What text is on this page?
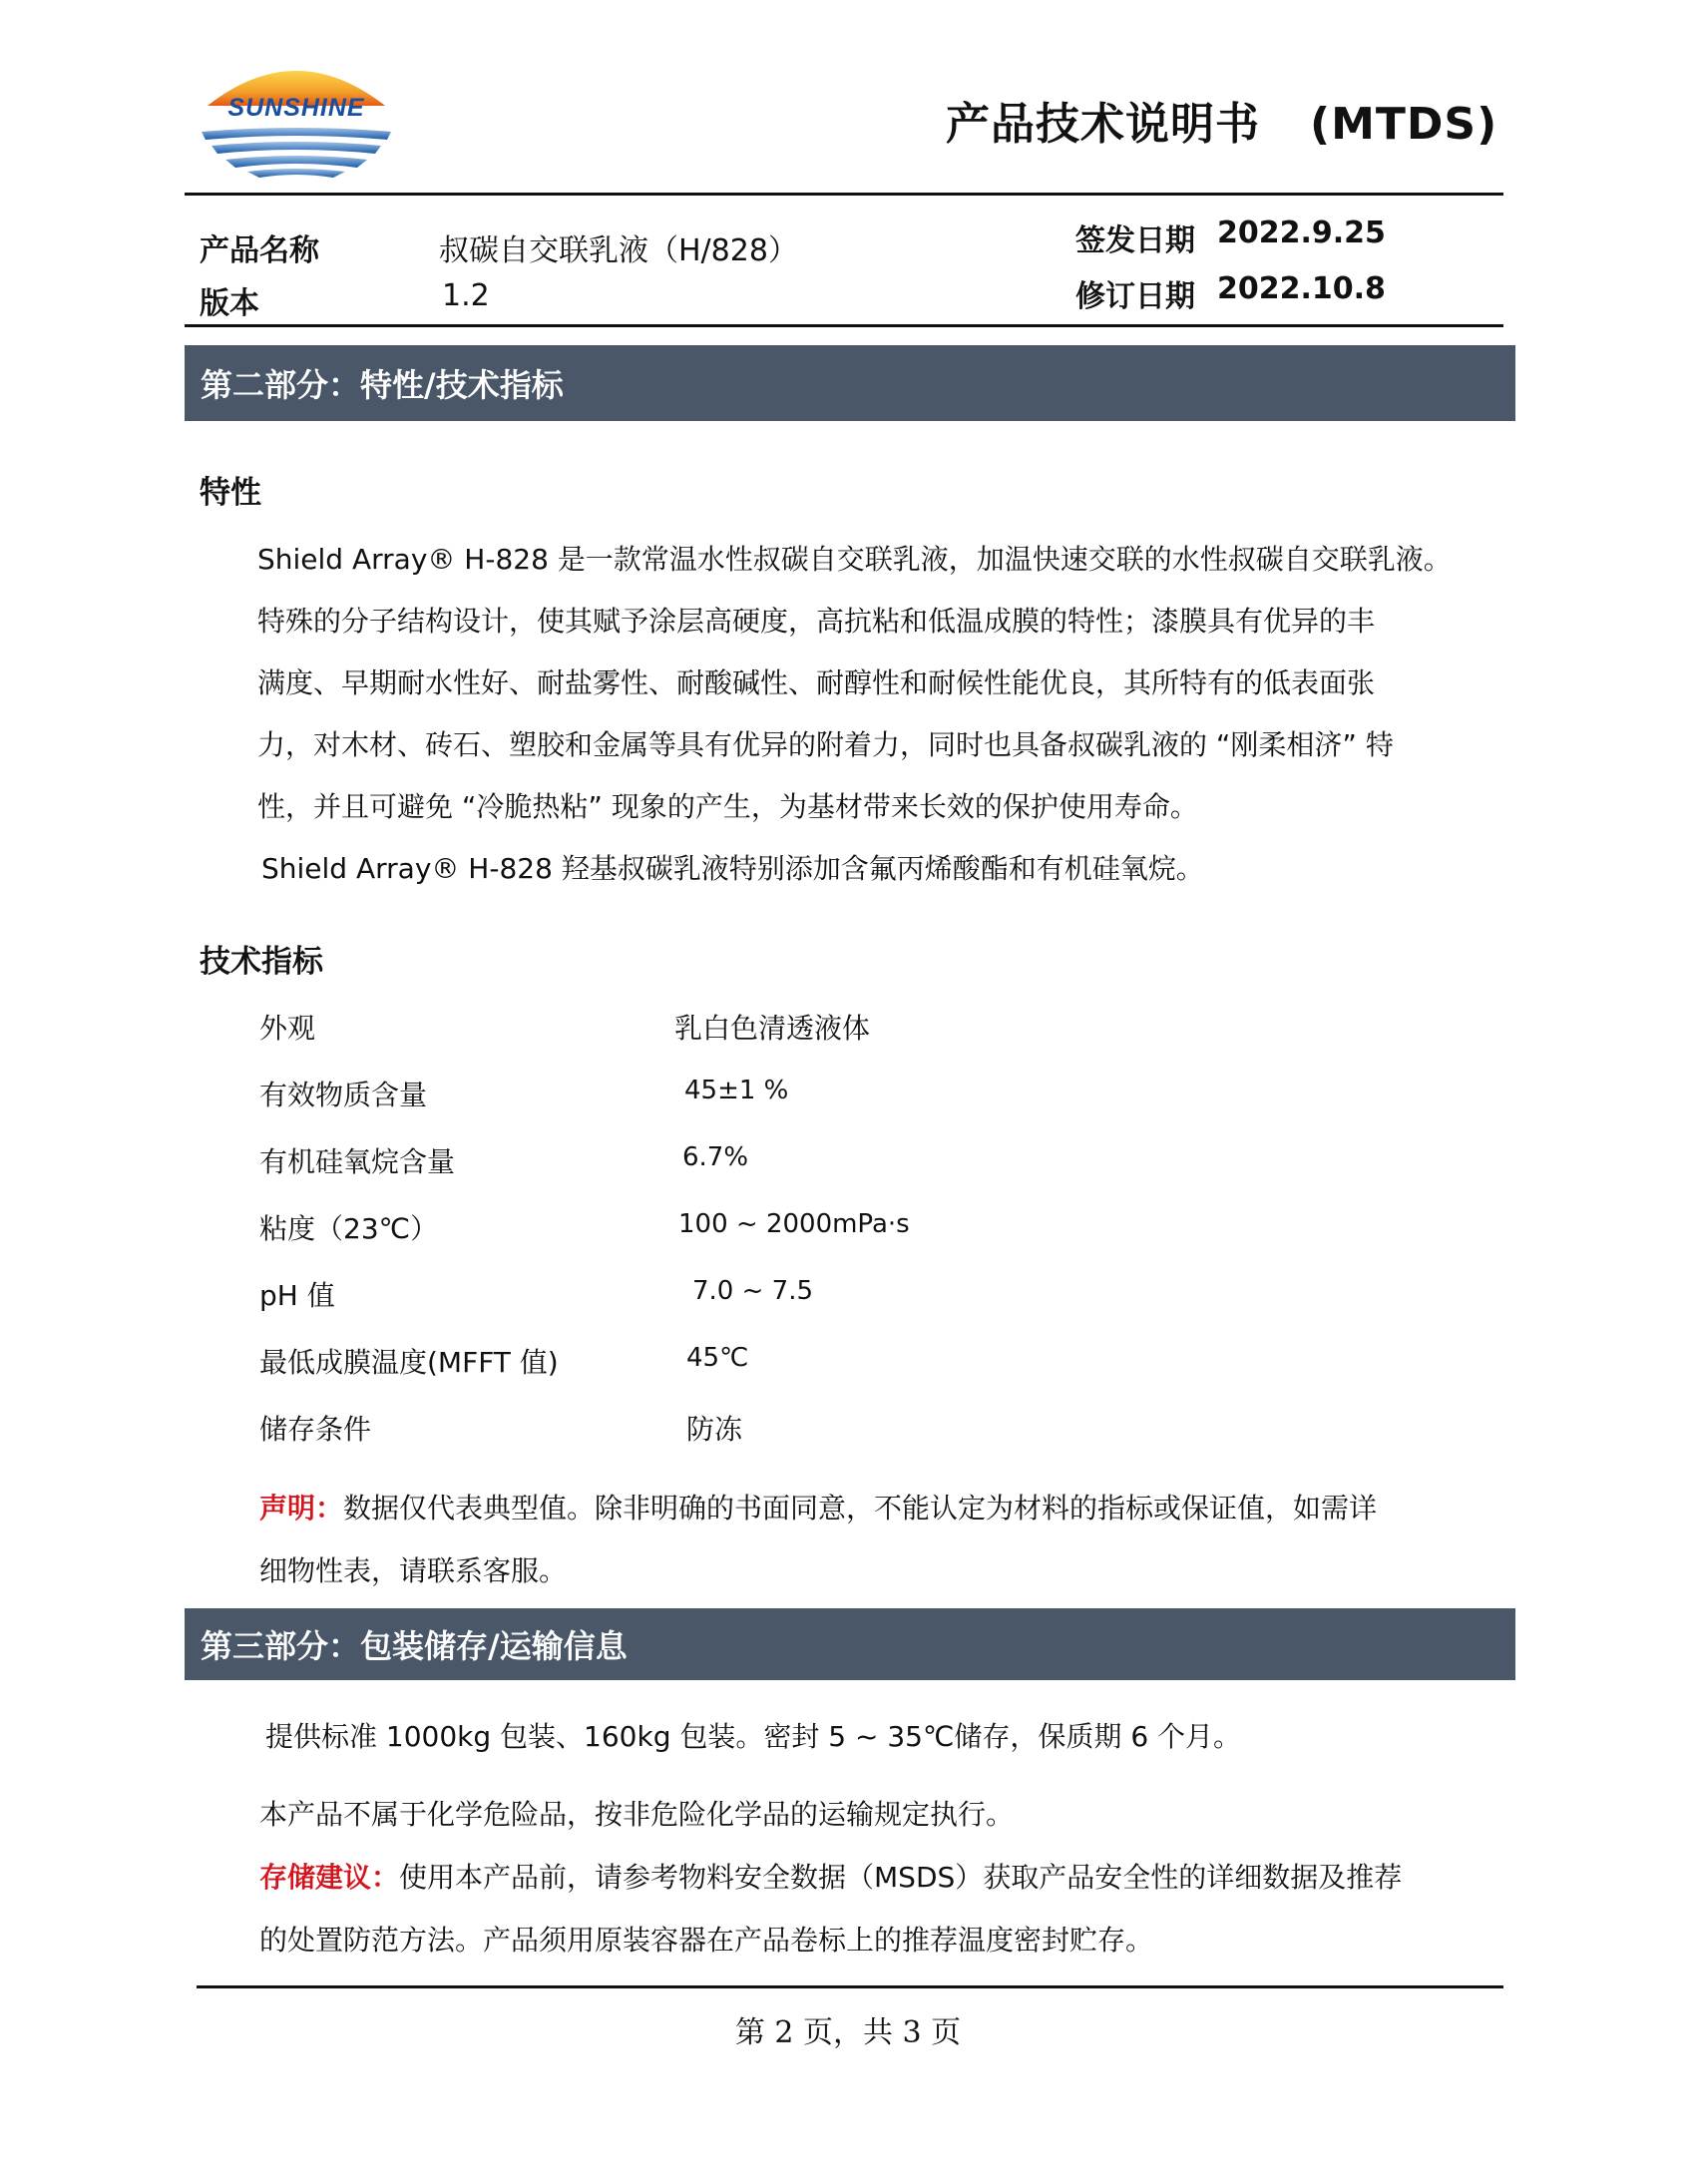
SUNSHINE	产品技术说明书 (MTDS)
产品名称	叔碳自交联乳液（H/828）
版本	1.2
签发日期 2022.9.25
修订日期 2022.10.8
第二部分：特性/技术指标
特性

Shield Array® H-828 是一款常温水性叔碳自交联乳液，加温快速交联的水性叔碳自交联乳液。

特殊的分子结构设计，使其赋予涂层高硬度，高抗粘和低温成膜的特性；漆膜具有优异的丰

满度、早期耐水性好、耐盐雾性、耐酸碱性、耐醇性和耐候性能优良，其所特有的低表面张

力，对木材、砖石、塑胶和金属等具有优异的附着力，同时也具备叔碳乳液的 “刚柔相济” 特

性，并且可避免 “冷脆热粘” 现象的产生，为基材带来长效的保护使用寿命。

Shield Array® H-828 羟基叔碳乳液特别添加含氟丙烯酸酯和有机硅氧烷。

技术指标
外观	乳白色清透液体
有效物质含量	45±1 %
有机硅氧烷含量	6.7%
粘度（23℃）	100 ~ 2000mPa·s
pH 值	7.0 ~ 7.5
最低成膜温度(MFFT 值)	45℃
储存条件	防冻
声明：数据仅代表典型值。除非明确的书面同意，不能认定为材料的指标或保证值，如需详
细物性表，请联系客服。
第三部分：包装储存/运输信息
提供标准 1000kg 包装、160kg 包装。密封 5 ~ 35℃储存，保质期 6 个月。
本产品不属于化学危险品，按非危险化学品的运输规定执行。
存储建议：使用本产品前，请参考物料安全数据（MSDS）获取产品安全性的详细数据及推荐
的处置防范方法。产品须用原装容器在产品卷标上的推荐温度密封贮存。
第 2 页，共 3 页
